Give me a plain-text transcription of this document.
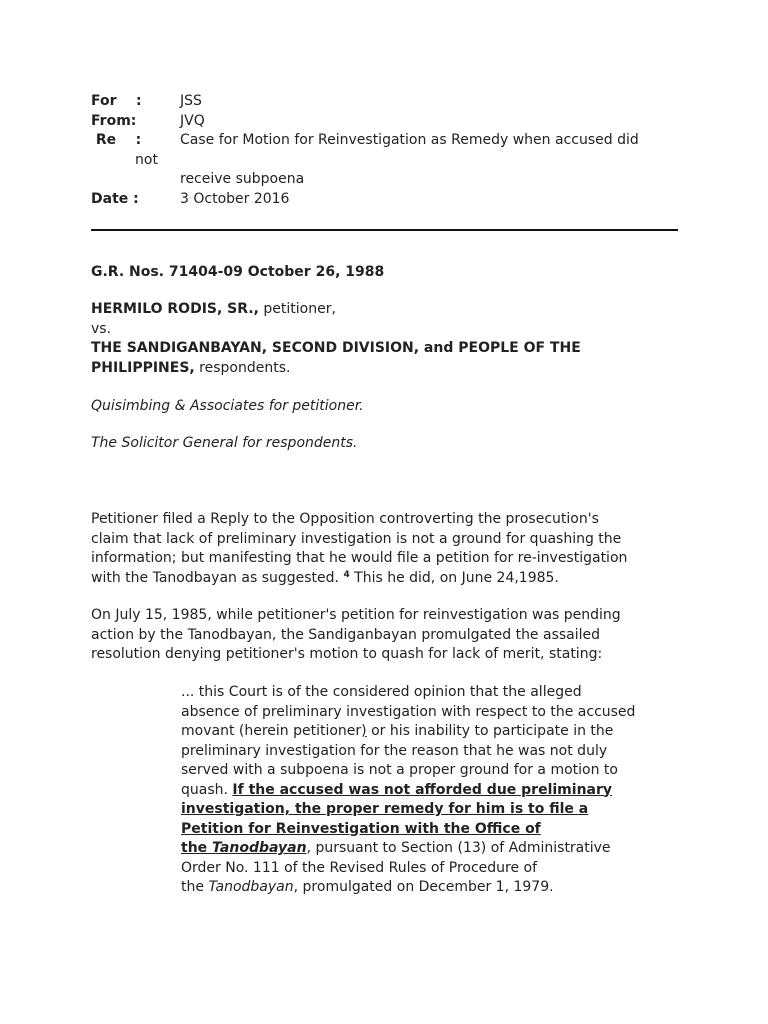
For    :	JSS
From:	JVQ
Re    :	Case for Motion for Reinvestigation as Remedy when accused did
not
receive subpoena
Date :	3 October 2016
G.R. Nos. 71404-09 October 26, 1988
HERMILO RODIS, SR., petitioner,
vs.
THE SANDIGANBAYAN, SECOND DIVISION, and PEOPLE OF THE
PHILIPPINES, respondents.
Quisimbing & Associates for petitioner.
The Solicitor General for respondents.
Petitioner filed a Reply to the Opposition controverting the prosecution's
claim that lack of preliminary investigation is not a ground for quashing the
information; but manifesting that he would file a petition for re-investigation
with the Tanodbayan as suggested. $^4$ This he did, on June 24,1985.
On July 15, 1985, while petitioner's petition for reinvestigation was pending
action by the Tanodbayan, the Sandiganbayan promulgated the assailed
resolution denying petitioner's motion to quash for lack of merit, stating:
... this Court is of the considered opinion that the alleged
absence of preliminary investigation with respect to the accused
movant (herein petitioner) or his inability to participate in the
preliminary investigation for the reason that he was not duly
served with a subpoena is not a proper ground for a motion to
quash. If the accused was not afforded due preliminary
investigation, the proper remedy for him is to file a
Petition for Reinvestigation with the Office of
the Tanodbayan, pursuant to Section (13) of Administrative
Order No. 111 of the Revised Rules of Procedure of
the Tanodbayan, promulgated on December 1, 1979.
